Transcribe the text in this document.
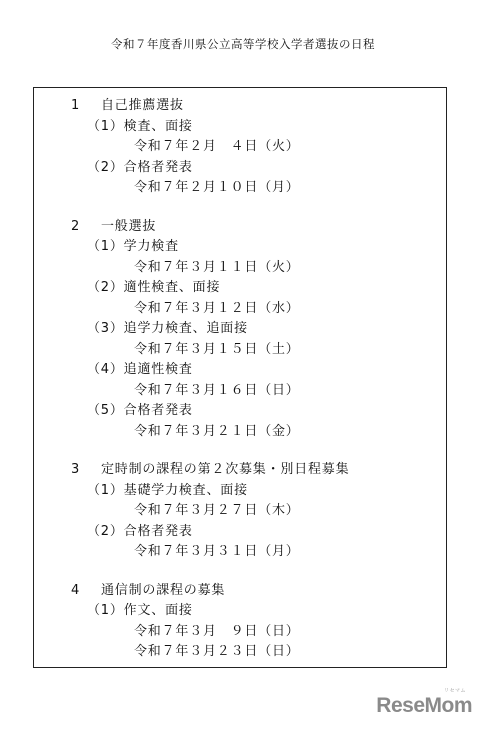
令和７年度香川県公立高等学校入学者選抜の日程
1 自己推薦選抜
（1）検査、面接
令和７年２月　４日（火）
（2）合格者発表
令和７年２月１０日（月）
2 一般選抜
（1）学力検査
令和７年３月１１日（火）
（2）適性検査、面接
令和７年３月１２日（水）
（3）追学力検査、追面接
令和７年３月１５日（土）
（4）追適性検査
令和７年３月１６日（日）
（5）合格者発表
令和７年３月２１日（金）
3 定時制の課程の第２次募集・別日程募集
（1）基礎学力検査、面接
令和７年３月２７日（木）
（2）合格者発表
令和７年３月３１日（月）
4 通信制の課程の募集
（1）作文、面接
令和７年３月　９日（日）
令和７年３月２３日（日）
ReseMom
リセマム
